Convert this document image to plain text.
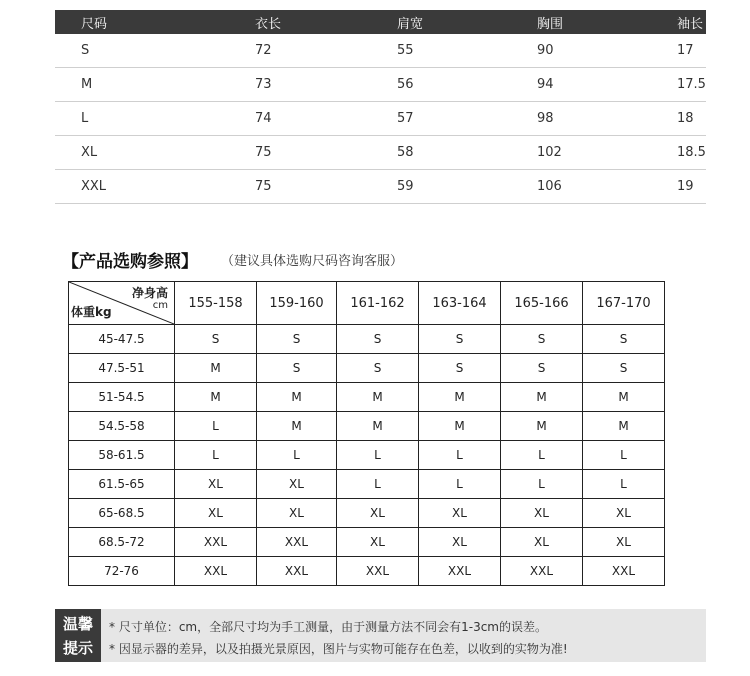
尺码	衣长	肩宽	胸围	袖长
S	72	55	90	17
M	73	56	94	17.5
L	74	57	98	18
XL	75	58	102	18.5
XXL	75	59	106	19
【产品选购参照】 （建议具体选购尺码咨询客服）
净身高
cm
体重kg	155-158	159-160	161-162	163-164	165-166	167-170
45-47.5	S	S	S	S	S	S
47.5-51	M	S	S	S	S	S
51-54.5	M	M	M	M	M	M
54.5-58	L	M	M	M	M	M
58-61.5	L	L	L	L	L	L
61.5-65	XL	XL	L	L	L	L
65-68.5	XL	XL	XL	XL	XL	XL
68.5-72	XXL	XXL	XL	XL	XL	XL
72-76	XXL	XXL	XXL	XXL	XXL	XXL
温馨
提示
* 尺寸单位：cm，全部尺寸均为手工测量，由于测量方法不同会有1-3cm的误差。
* 因显示器的差异，以及拍摄光景原因，图片与实物可能存在色差，以收到的实物为准!
